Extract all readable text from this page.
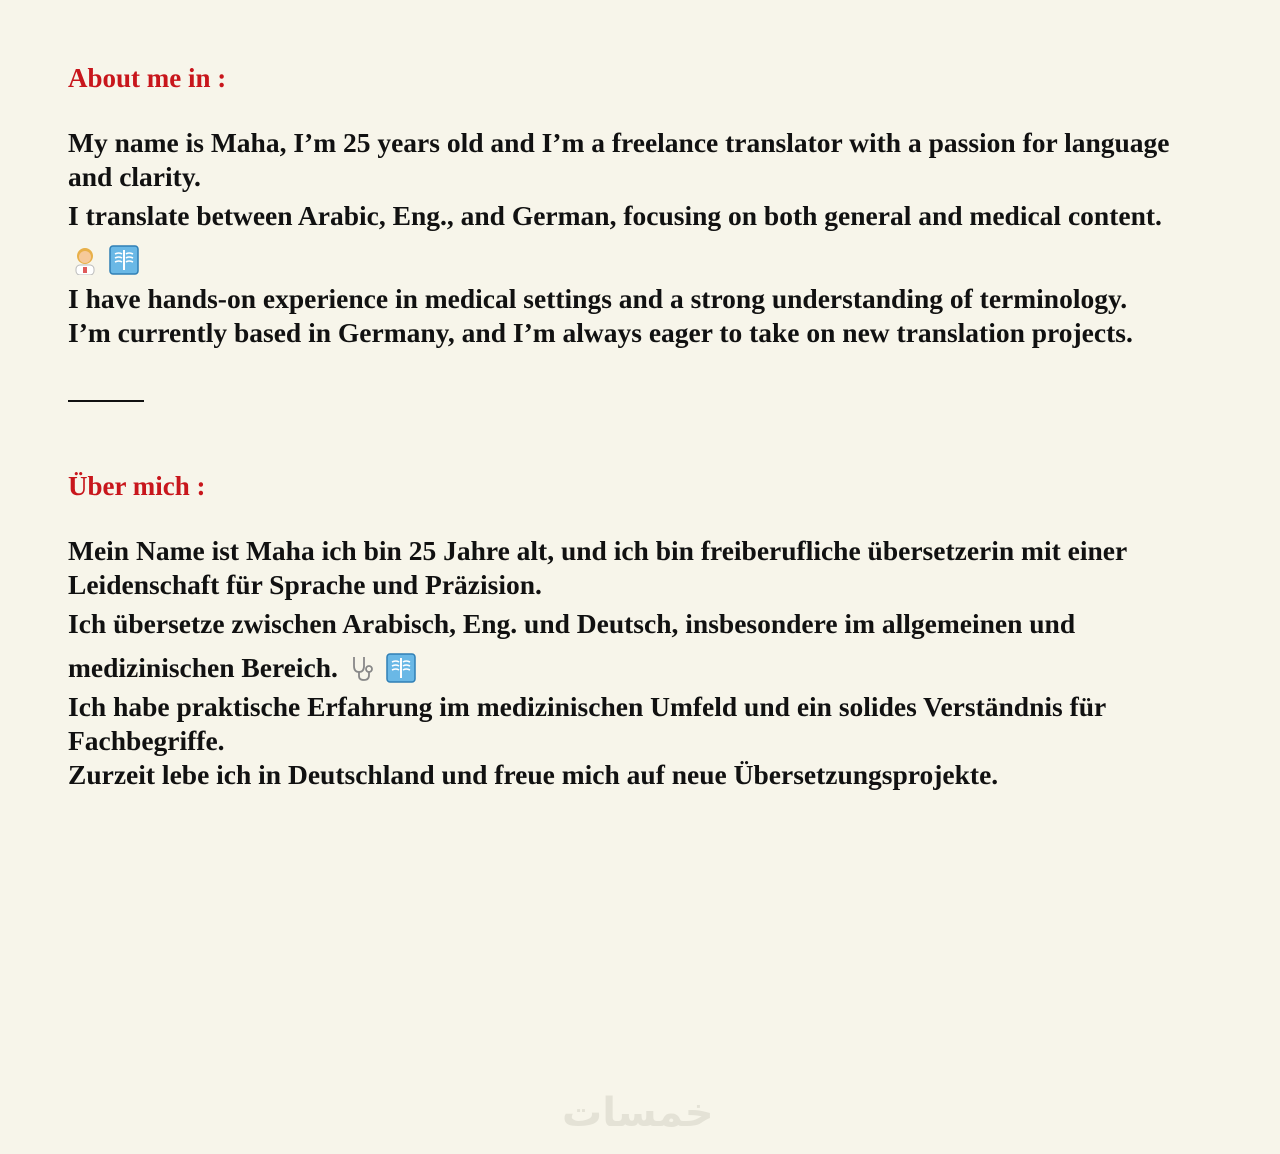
About me in :
My name is Maha, I’m 25 years old and I’m a freelance translator with a passion for language and clarity.
I translate between Arabic, Eng., and German, focusing on both general and medical content.
I have hands-on experience in medical settings and a strong understanding of terminology.
I’m currently based in Germany, and I’m always eager to take on new translation projects.
Über mich :
Mein Name ist Maha ich bin 25 Jahre alt, und ich bin freiberufliche übersetzerin mit einer Leidenschaft für Sprache und Präzision.
Ich übersetze zwischen Arabisch, Eng. und Deutsch, insbesondere im allgemeinen und medizinischen Bereich.
Ich habe praktische Erfahrung im medizinischen Umfeld und ein solides Verständnis für Fachbegriffe.
Zurzeit lebe ich in Deutschland und freue mich auf neue Übersetzungsprojekte.
خمسات
